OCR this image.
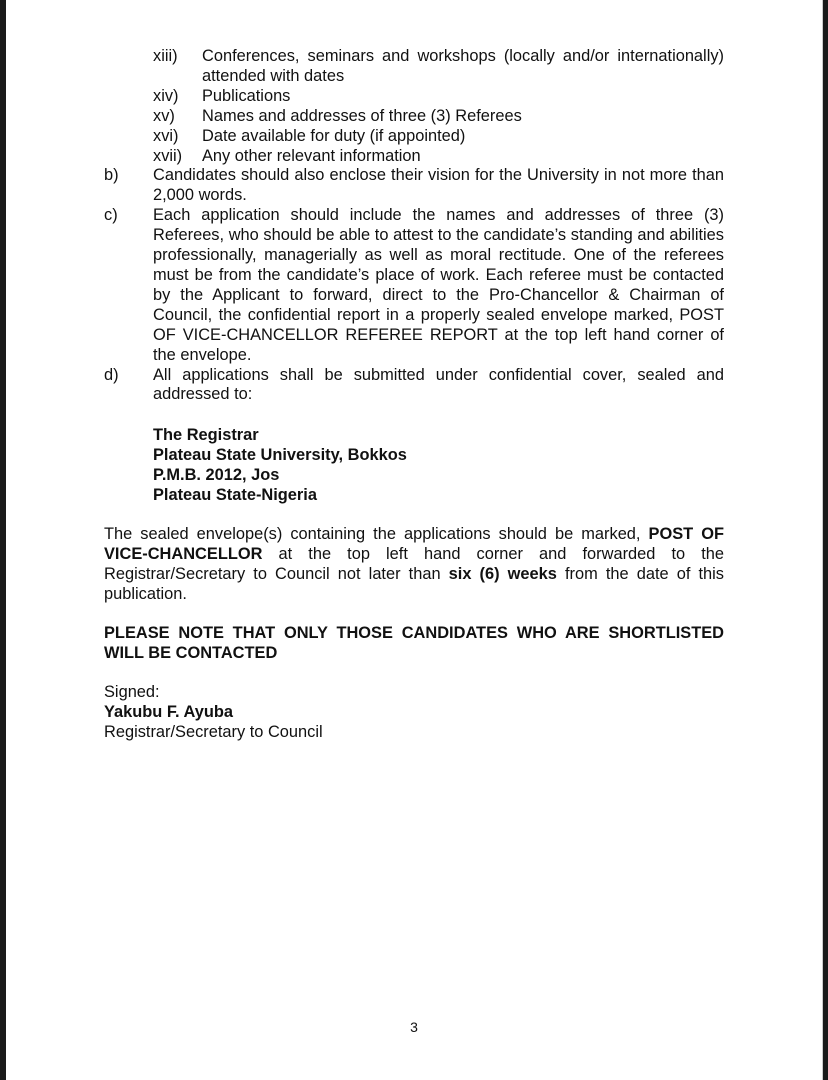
xiii)	Conferences, seminars and workshops (locally and/or internationally) attended with dates
xiv)	Publications
xv)	Names and addresses of three (3) Referees
xvi)	Date available for duty (if appointed)
xvii)	Any other relevant information
b)	Candidates should also enclose their vision for the University in not more than 2,000 words.
c)	Each application should include the names and addresses of three (3) Referees, who should be able to attest to the candidate’s standing and abilities professionally, managerially as well as moral rectitude. One of the referees must be from the candidate’s place of work. Each referee must be contacted by the Applicant to forward, direct to the Pro-Chancellor & Chairman of Council, the confidential report in a properly sealed envelope marked, POST OF VICE-CHANCELLOR REFEREE REPORT at the top left hand corner of the envelope.
d)	All applications shall be submitted under confidential cover, sealed and addressed to:
The Registrar
Plateau State University, Bokkos
P.M.B. 2012, Jos
Plateau State-Nigeria
The sealed envelope(s) containing the applications should be marked, POST OF VICE-CHANCELLOR at the top left hand corner and forwarded to the Registrar/Secretary to Council not later than six (6) weeks from the date of this publication.
PLEASE NOTE THAT ONLY THOSE CANDIDATES WHO ARE SHORTLISTED WILL BE CONTACTED
Signed:
Yakubu F. Ayuba
Registrar/Secretary to Council
3
